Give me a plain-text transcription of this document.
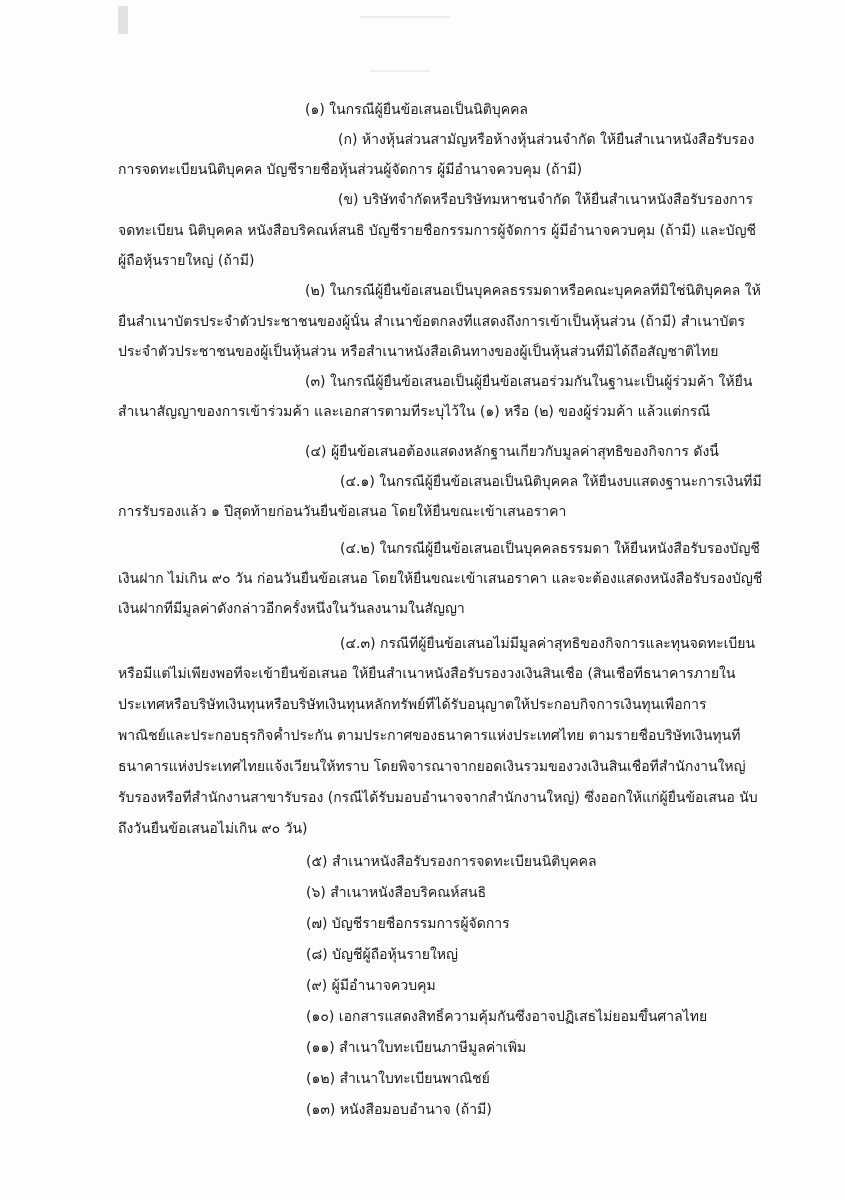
(๑) ในกรณีผู้ยื่นข้อเสนอเป็นนิติบุคคล
(ก) ห้างหุ้นส่วนสามัญหรือห้างหุ้นส่วนจำกัด ให้ยื่นสำเนาหนังสือรับรอง
การจดทะเบียนนิติบุคคล บัญชีรายชื่อหุ้นส่วนผู้จัดการ ผู้มีอำนาจควบคุม (ถ้ามี)
(ข) บริษัทจำกัดหรือบริษัทมหาชนจำกัด ให้ยื่นสำเนาหนังสือรับรองการ
จดทะเบียน นิติบุคคล หนังสือบริคณห์สนธิ บัญชีรายชื่อกรรมการผู้จัดการ ผู้มีอำนาจควบคุม (ถ้ามี) และบัญชี
ผู้ถือหุ้นรายใหญ่ (ถ้ามี)
(๒) ในกรณีผู้ยื่นข้อเสนอเป็นบุคคลธรรมดาหรือคณะบุคคลที่มิใช่นิติบุคคล ให้
ยื่นสำเนาบัตรประจำตัวประชาชนของผู้นั้น สำเนาข้อตกลงที่แสดงถึงการเข้าเป็นหุ้นส่วน (ถ้ามี) สำเนาบัตร
ประจำตัวประชาชนของผู้เป็นหุ้นส่วน หรือสำเนาหนังสือเดินทางของผู้เป็นหุ้นส่วนที่มิได้ถือสัญชาติไทย
(๓) ในกรณีผู้ยื่นข้อเสนอเป็นผู้ยื่นข้อเสนอร่วมกันในฐานะเป็นผู้ร่วมค้า ให้ยื่น
สำเนาสัญญาของการเข้าร่วมค้า และเอกสารตามที่ระบุไว้ใน (๑) หรือ (๒) ของผู้ร่วมค้า แล้วแต่กรณี
(๔) ผู้ยื่นข้อเสนอต้องแสดงหลักฐานเกี่ยวกับมูลค่าสุทธิของกิจการ ดังนี้
(๔.๑) ในกรณีผู้ยื่นข้อเสนอเป็นนิติบุคคล ให้ยื่นงบแสดงฐานะการเงินที่มี
การรับรองแล้ว ๑ ปีสุดท้ายก่อนวันยื่นข้อเสนอ โดยให้ยื่นขณะเข้าเสนอราคา
(๔.๒) ในกรณีผู้ยื่นข้อเสนอเป็นบุคคลธรรมดา ให้ยื่นหนังสือรับรองบัญชี
เงินฝาก ไม่เกิน ๙๐ วัน ก่อนวันยื่นข้อเสนอ โดยให้ยื่นขณะเข้าเสนอราคา และจะต้องแสดงหนังสือรับรองบัญชี
เงินฝากที่มีมูลค่าดังกล่าวอีกครั้งหนึ่งในวันลงนามในสัญญา
(๔.๓) กรณีที่ผู้ยื่นข้อเสนอไม่มีมูลค่าสุทธิของกิจการและทุนจดทะเบียน
หรือมีแต่ไม่เพียงพอที่จะเข้ายื่นข้อเสนอ ให้ยื่นสำเนาหนังสือรับรองวงเงินสินเชื่อ (สินเชื่อที่ธนาคารภายใน
ประเทศหรือบริษัทเงินทุนหรือบริษัทเงินทุนหลักทรัพย์ที่ได้รับอนุญาตให้ประกอบกิจการเงินทุนเพื่อการ
พาณิชย์และประกอบธุรกิจค้ำประกัน ตามประกาศของธนาคารแห่งประเทศไทย ตามรายชื่อบริษัทเงินทุนที่
ธนาคารแห่งประเทศไทยแจ้งเวียนให้ทราบ โดยพิจารณาจากยอดเงินรวมของวงเงินสินเชื่อที่สำนักงานใหญ่
รับรองหรือที่สำนักงานสาขารับรอง (กรณีได้รับมอบอำนาจจากสำนักงานใหญ่) ซึ่งออกให้แก่ผู้ยื่นข้อเสนอ นับ
ถึงวันยื่นข้อเสนอไม่เกิน ๙๐ วัน)
(๕) สำเนาหนังสือรับรองการจดทะเบียนนิติบุคคล
(๖) สำเนาหนังสือบริคณห์สนธิ
(๗) บัญชีรายชื่อกรรมการผู้จัดการ
(๘) บัญชีผู้ถือหุ้นรายใหญ่
(๙) ผู้มีอำนาจควบคุม
(๑๐) เอกสารแสดงสิทธิ์ความคุ้มกันซึ่งอาจปฏิเสธไม่ยอมขึ้นศาลไทย
(๑๑) สำเนาใบทะเบียนภาษีมูลค่าเพิ่ม
(๑๒) สำเนาใบทะเบียนพาณิชย์
(๑๓) หนังสือมอบอำนาจ (ถ้ามี)
